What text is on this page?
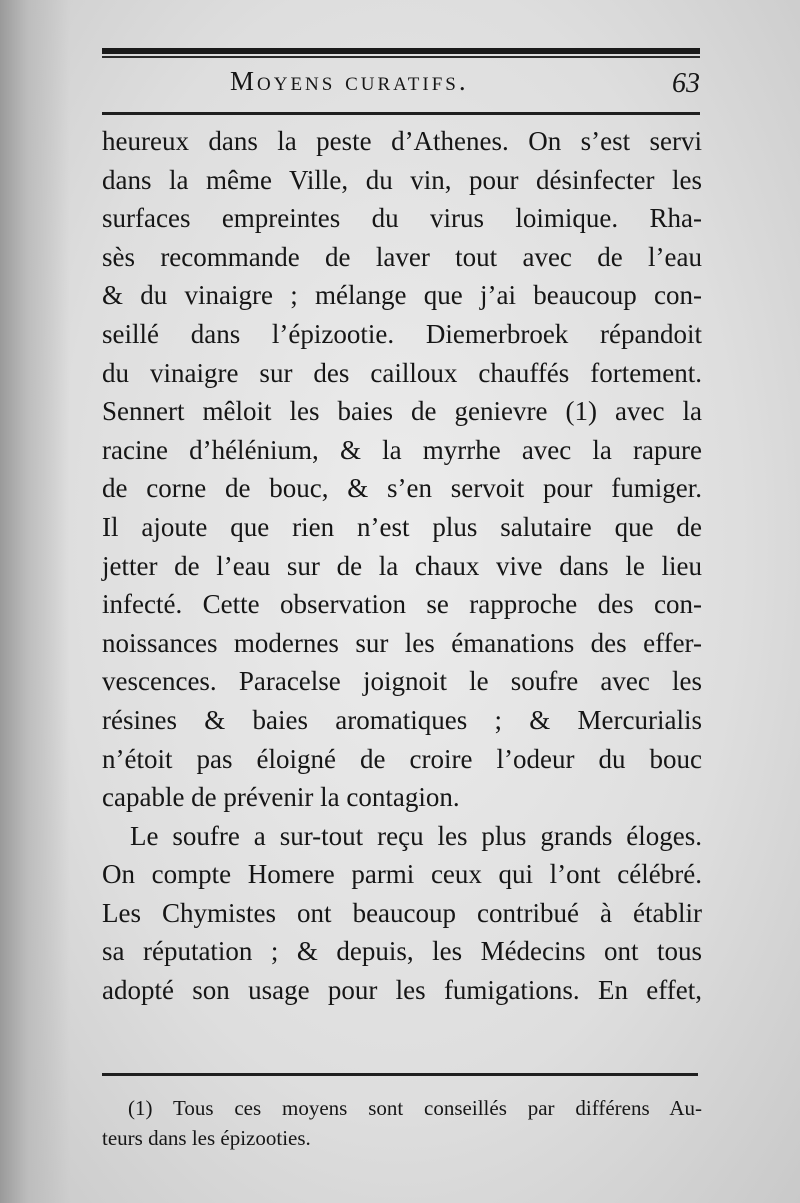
Moyens curatifs.	63
heureux dans la peste d’Athenes. On s’est servi
dans la même Ville, du vin, pour désinfecter les
surfaces empreintes du virus loimique. Rha-
sès recommande de laver tout avec de l’eau
& du vinaigre ; mélange que j’ai beaucoup con-
seillé dans l’épizootie. Diemerbroek répandoit
du vinaigre sur des cailloux chauffés fortement.
Sennert mêloit les baies de genievre (1) avec la
racine d’hélénium, & la myrrhe avec la rapure
de corne de bouc, & s’en servoit pour fumiger.
Il ajoute que rien n’est plus salutaire que de
jetter de l’eau sur de la chaux vive dans le lieu
infecté. Cette observation se rapproche des con-
noissances modernes sur les émanations des effer-
vescences. Paracelse joignoit le soufre avec les
résines & baies aromatiques ; & Mercurialis
n’étoit pas éloigné de croire l’odeur du bouc
capable de prévenir la contagion.
Le soufre a sur-tout reçu les plus grands éloges.
On compte Homere parmi ceux qui l’ont célébré.
Les Chymistes ont beaucoup contribué à établir
sa réputation ; & depuis, les Médecins ont tous
adopté son usage pour les fumigations. En effet,
(1) Tous ces moyens sont conseillés par différens Au-
teurs dans les épizooties.
